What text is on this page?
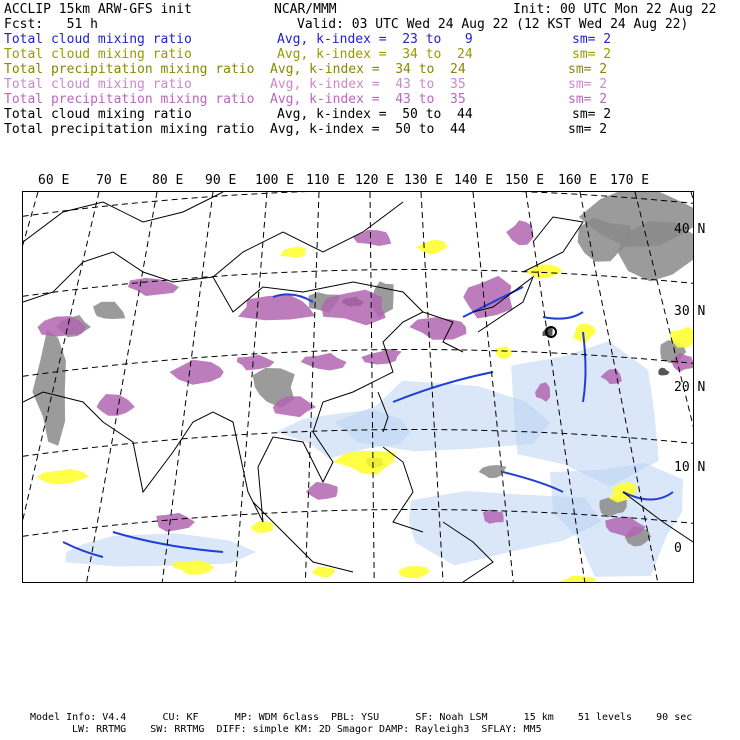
ACCLIP 15km ARW-GFS init	NCAR/MMM	Init: 00 UTC Mon 22 Aug 22
Fcst:   51 h	Valid: 03 UTC Wed 24 Aug 22 (12 KST Wed 24 Aug 22)
Total cloud mixing ratio	Avg, k-index =  23 to   9	sm= 2
Total cloud mixing ratio	Avg, k-index =  34 to  24	sm= 2
Total precipitation mixing ratio Avg, k-index =  34 to  24	sm= 2
Total cloud mixing ratio	Avg, k-index =  43 to  35	sm= 2
Total precipitation mixing ratio Avg, k-index =  43 to  35	sm= 2
Total cloud mixing ratio	Avg, k-index =  50 to  44	sm= 2
Total precipitation mixing ratio Avg, k-index =  50 to  44	sm= 2
60 E 70 E 80 E 90 E 100 E 110 E 120 E 130 E 140 E 150 E 160 E 170 E
40 N
30 N
20 N
10 N
0
Model Info: V4.4      CU: KF      MP: WDM 6class  PBL: YSU      SF: Noah LSM      15 km    51 levels    90 sec
LW: RRTMG    SW: RRTMG  DIFF: simple KM: 2D Smagor DAMP: Rayleigh3  SFLAY: MM5
